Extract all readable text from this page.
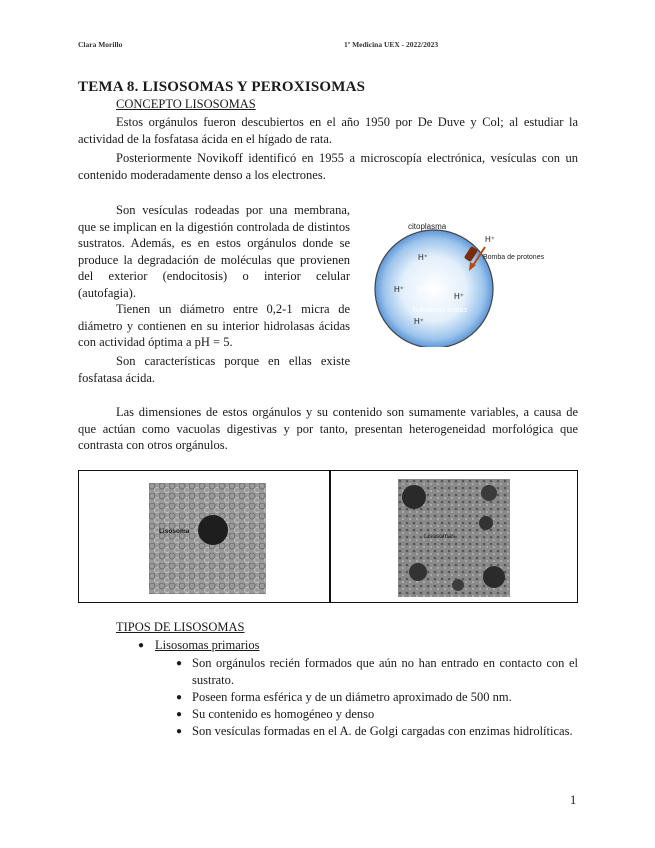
Clara Morillo	1º Medicina UEX - 2022/2023
TEMA 8. LISOSOMAS Y PEROXISOMAS
CONCEPTO LISOSOMAS

Estos orgánulos fueron descubiertos en el año 1950 por De Duve y Col; al estudiar la actividad de la fosfatasa ácida en el hígado de rata.

Posteriormente Novikoff identificó en 1955 a microscopía electrónica, vesículas con un contenido moderadamente denso a los electrones.

Son vesículas rodeadas por una membrana, que se implican en la digestión controlada de distintos sustratos. Además, es en estos orgánulos donde se produce la degradación de moléculas que provienen del exterior (endocitosis) o interior celular (autofagia).

Tienen un diámetro entre 0,2-1 micra de diámetro y contienen en su interior hidrolasas ácidas con actividad óptima a pH = 5.

Son características porque en ellas existe fosfatasa ácida.

citoplasma
H⁺
Bomba de protones
H⁺
H⁺ pH 5
H⁺
hidrolasas ácidas
H⁺

Las dimensiones de estos orgánulos y su contenido son sumamente variables, a causa de que actúan como vacuolas digestivas y por tanto, presentan heterogeneidad morfológica que contrasta con otros orgánulos.

Lisosoma
Lisosomas
TIPOS DE LISOSOMAS
● Lisosomas primarios
● Son orgánulos recién formados que aún no han entrado en contacto con el sustrato.
● Poseen forma esférica y de un diámetro aproximado de 500 nm.
● Su contenido es homogéneo y denso
● Son vesículas formadas en el A. de Golgi cargadas con enzimas hidrolíticas.
1
